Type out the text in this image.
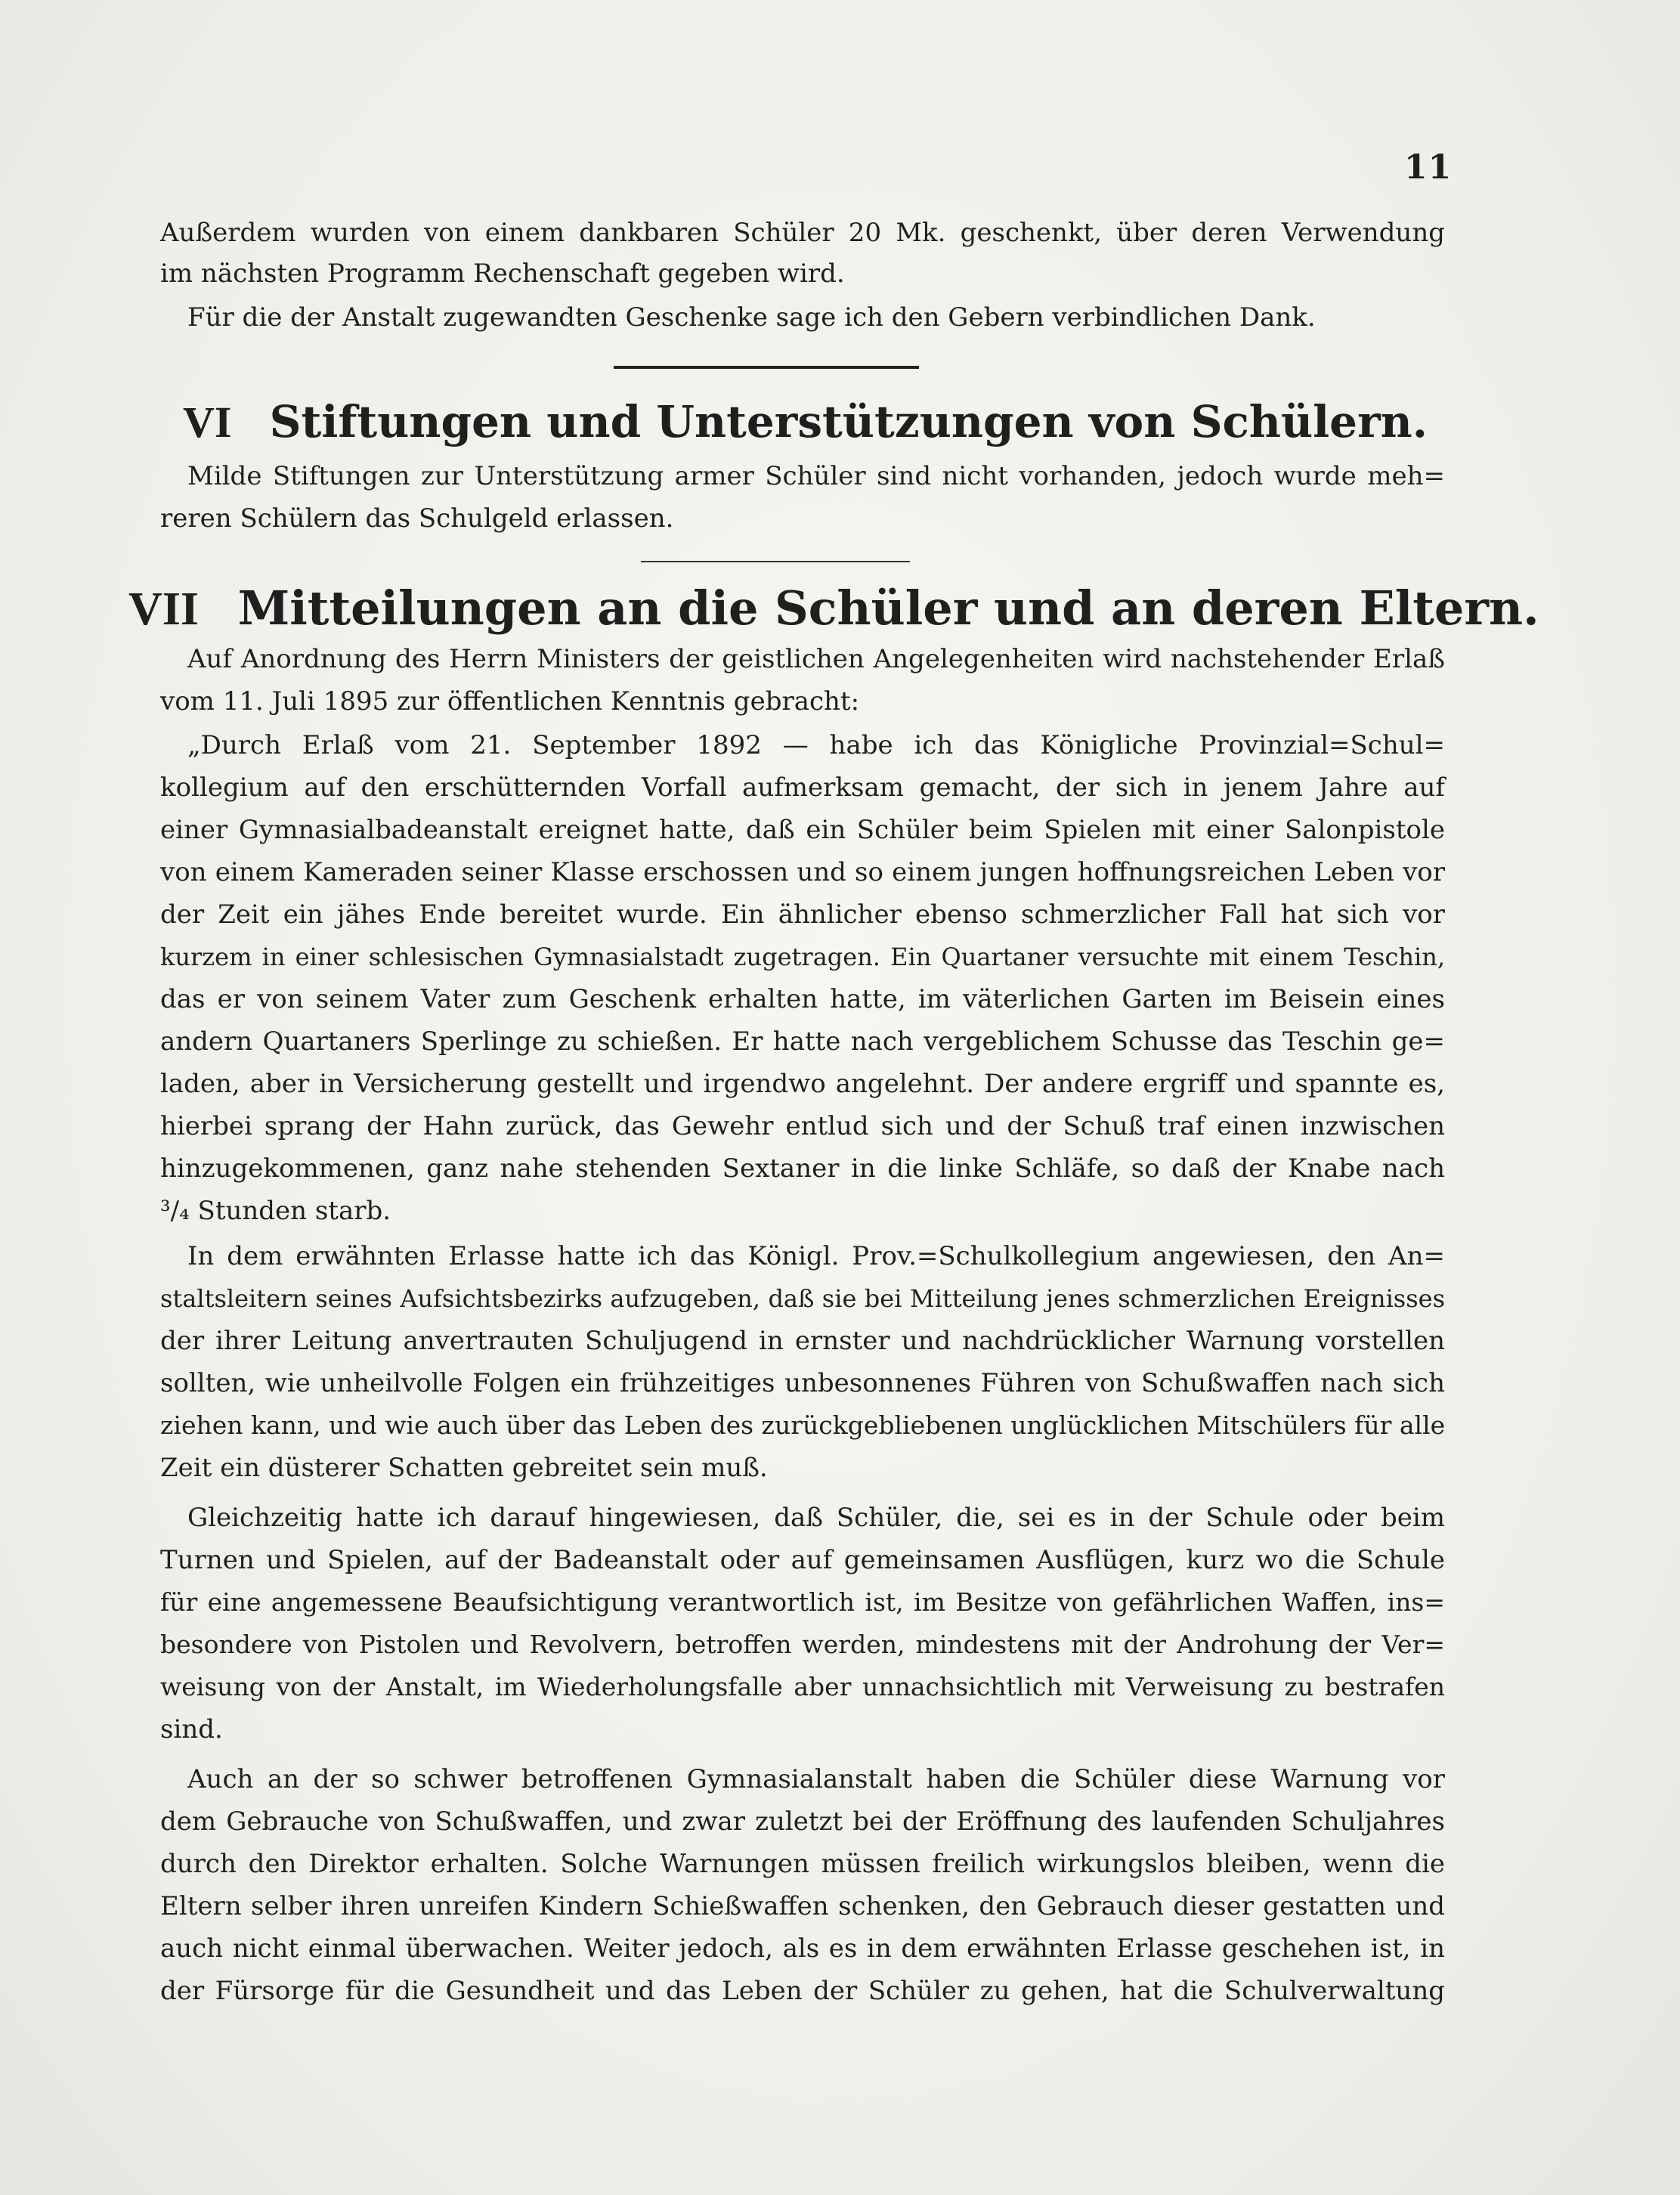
11
Außerdem wurden von einem dankbaren Schüler 20 Mk. geschenkt, über deren Verwendung
im nächsten Programm Rechenschaft gegeben wird.
Für die der Anstalt zugewandten Geschenke sage ich den Gebern verbindlichen Dank.
VI Stiftungen und Unterstützungen von Schülern.
Milde Stiftungen zur Unterstützung armer Schüler sind nicht vorhanden, jedoch wurde meh=
reren Schülern das Schulgeld erlassen.
VII Mitteilungen an die Schüler und an deren Eltern.
Auf Anordnung des Herrn Ministers der geistlichen Angelegenheiten wird nachstehender Erlaß
vom 11. Juli 1895 zur öffentlichen Kenntnis gebracht:
„Durch Erlaß vom 21. September 1892 — habe ich das Königliche Provinzial=Schul=
kollegium auf den erschütternden Vorfall aufmerksam gemacht, der sich in jenem Jahre auf
einer Gymnasialbadeanstalt ereignet hatte, daß ein Schüler beim Spielen mit einer Salonpistole
von einem Kameraden seiner Klasse erschossen und so einem jungen hoffnungsreichen Leben vor
der Zeit ein jähes Ende bereitet wurde. Ein ähnlicher ebenso schmerzlicher Fall hat sich vor
kurzem in einer schlesischen Gymnasialstadt zugetragen. Ein Quartaner versuchte mit einem Teschin,
das er von seinem Vater zum Geschenk erhalten hatte, im väterlichen Garten im Beisein eines
andern Quartaners Sperlinge zu schießen. Er hatte nach vergeblichem Schusse das Teschin ge=
laden, aber in Versicherung gestellt und irgendwo angelehnt. Der andere ergriff und spannte es,
hierbei sprang der Hahn zurück, das Gewehr entlud sich und der Schuß traf einen inzwischen
hinzugekommenen, ganz nahe stehenden Sextaner in die linke Schläfe, so daß der Knabe nach
³/₄ Stunden starb.
In dem erwähnten Erlasse hatte ich das Königl. Prov.=Schulkollegium angewiesen, den An=
staltsleitern seines Aufsichtsbezirks aufzugeben, daß sie bei Mitteilung jenes schmerzlichen Ereignisses
der ihrer Leitung anvertrauten Schuljugend in ernster und nachdrücklicher Warnung vorstellen
sollten, wie unheilvolle Folgen ein frühzeitiges unbesonnenes Führen von Schußwaffen nach sich
ziehen kann, und wie auch über das Leben des zurückgebliebenen unglücklichen Mitschülers für alle
Zeit ein düsterer Schatten gebreitet sein muß.
Gleichzeitig hatte ich darauf hingewiesen, daß Schüler, die, sei es in der Schule oder beim
Turnen und Spielen, auf der Badeanstalt oder auf gemeinsamen Ausflügen, kurz wo die Schule
für eine angemessene Beaufsichtigung verantwortlich ist, im Besitze von gefährlichen Waffen, ins=
besondere von Pistolen und Revolvern, betroffen werden, mindestens mit der Androhung der Ver=
weisung von der Anstalt, im Wiederholungsfalle aber unnachsichtlich mit Verweisung zu bestrafen
sind.
Auch an der so schwer betroffenen Gymnasialanstalt haben die Schüler diese Warnung vor
dem Gebrauche von Schußwaffen, und zwar zuletzt bei der Eröffnung des laufenden Schuljahres
durch den Direktor erhalten. Solche Warnungen müssen freilich wirkungslos bleiben, wenn die
Eltern selber ihren unreifen Kindern Schießwaffen schenken, den Gebrauch dieser gestatten und
auch nicht einmal überwachen. Weiter jedoch, als es in dem erwähnten Erlasse geschehen ist, in
der Fürsorge für die Gesundheit und das Leben der Schüler zu gehen, hat die Schulverwaltung
